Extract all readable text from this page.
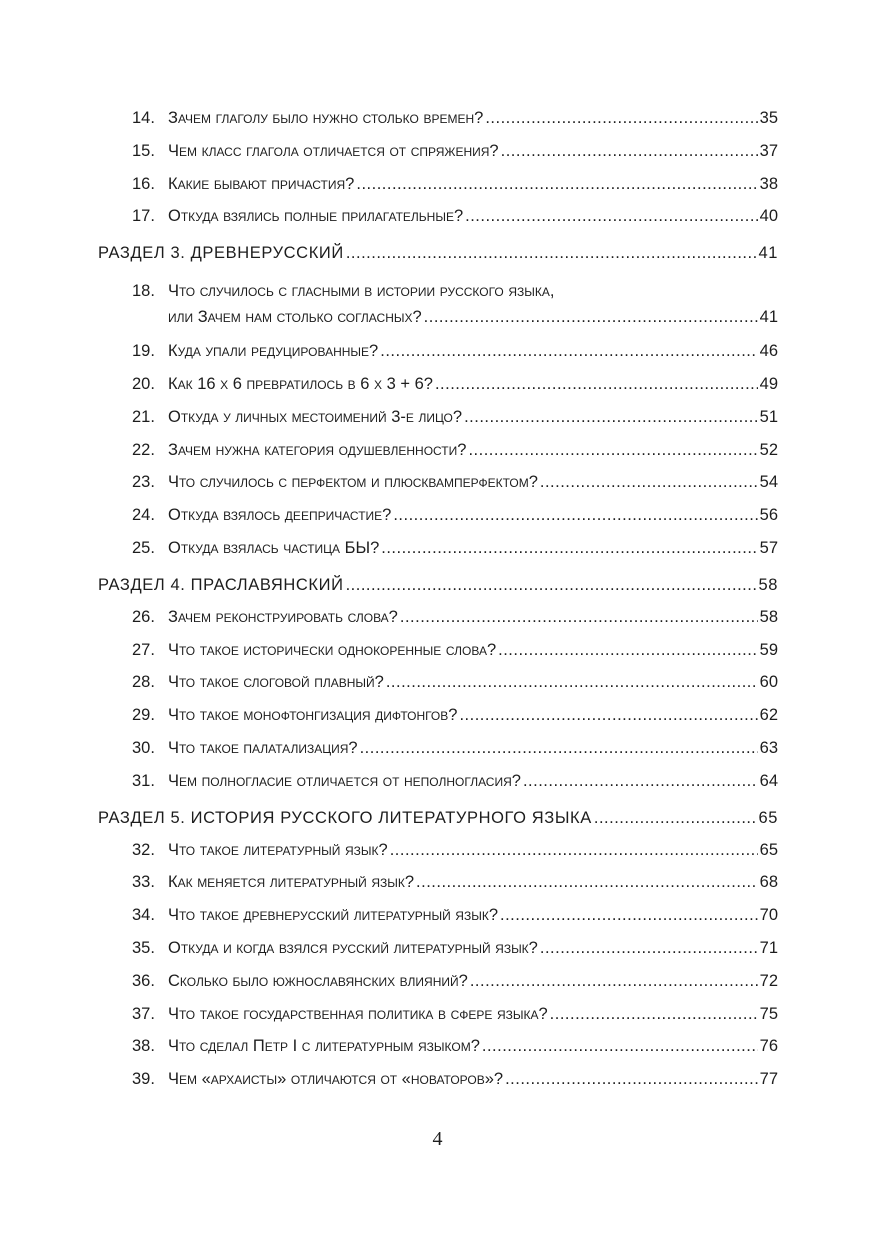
14. Зачем глаголу было нужно столько времен? .....	35
15. Чем класс глагола отличается от спряжения? .....	37
16. Какие бывают причастия? .....	38
17. Откуда взялись полные прилагательные? .....	40
РАЗДЕЛ 3. ДРЕВНЕРУССКИЙ .....	41
18. Что случилось с гласными в истории русского языка,
или Зачем нам столько согласных? .....	41
19. Куда упали редуцированные? .....	46
20. Как 16 х 6 превратилось в 6 х 3 + 6? .....	49
21. Откуда у личных местоимений 3-е лицо? .....	51
22. Зачем нужна категория одушевленности? .....	52
23. Что случилось с перфектом и плюсквамперфектом? .....	54
24. Откуда взялось деепричастие? .....	56
25. Откуда взялась частица БЫ? .....	57
РАЗДЕЛ 4. ПРАСЛАВЯНСКИЙ .....	58
26. Зачем реконструировать слова? .....	58
27. Что такое исторически однокоренные слова? .....	59
28. Что такое слоговой плавный? .....	60
29. Что такое монофтонгизация дифтонгов? .....	62
30. Что такое палатализация? .....	63
31. Чем полногласие отличается от неполногласия? .....	64
РАЗДЕЛ 5. ИСТОРИЯ РУССКОГО ЛИТЕРАТУРНОГО ЯЗЫКА .....	65
32. Что такое литературный язык? .....	65
33. Как меняется литературный язык? .....	68
34. Что такое древнерусский литературный язык? .....	70
35. Откуда и когда взялся русский литературный язык? .....	71
36. Сколько было южнославянских влияний? .....	72
37. Что такое государственная политика в сфере языка? .....	75
38. Что сделал Петр I с литературным языком? .....	76
39. Чем «архаисты» отличаются от «новаторов»? .....	77
4
